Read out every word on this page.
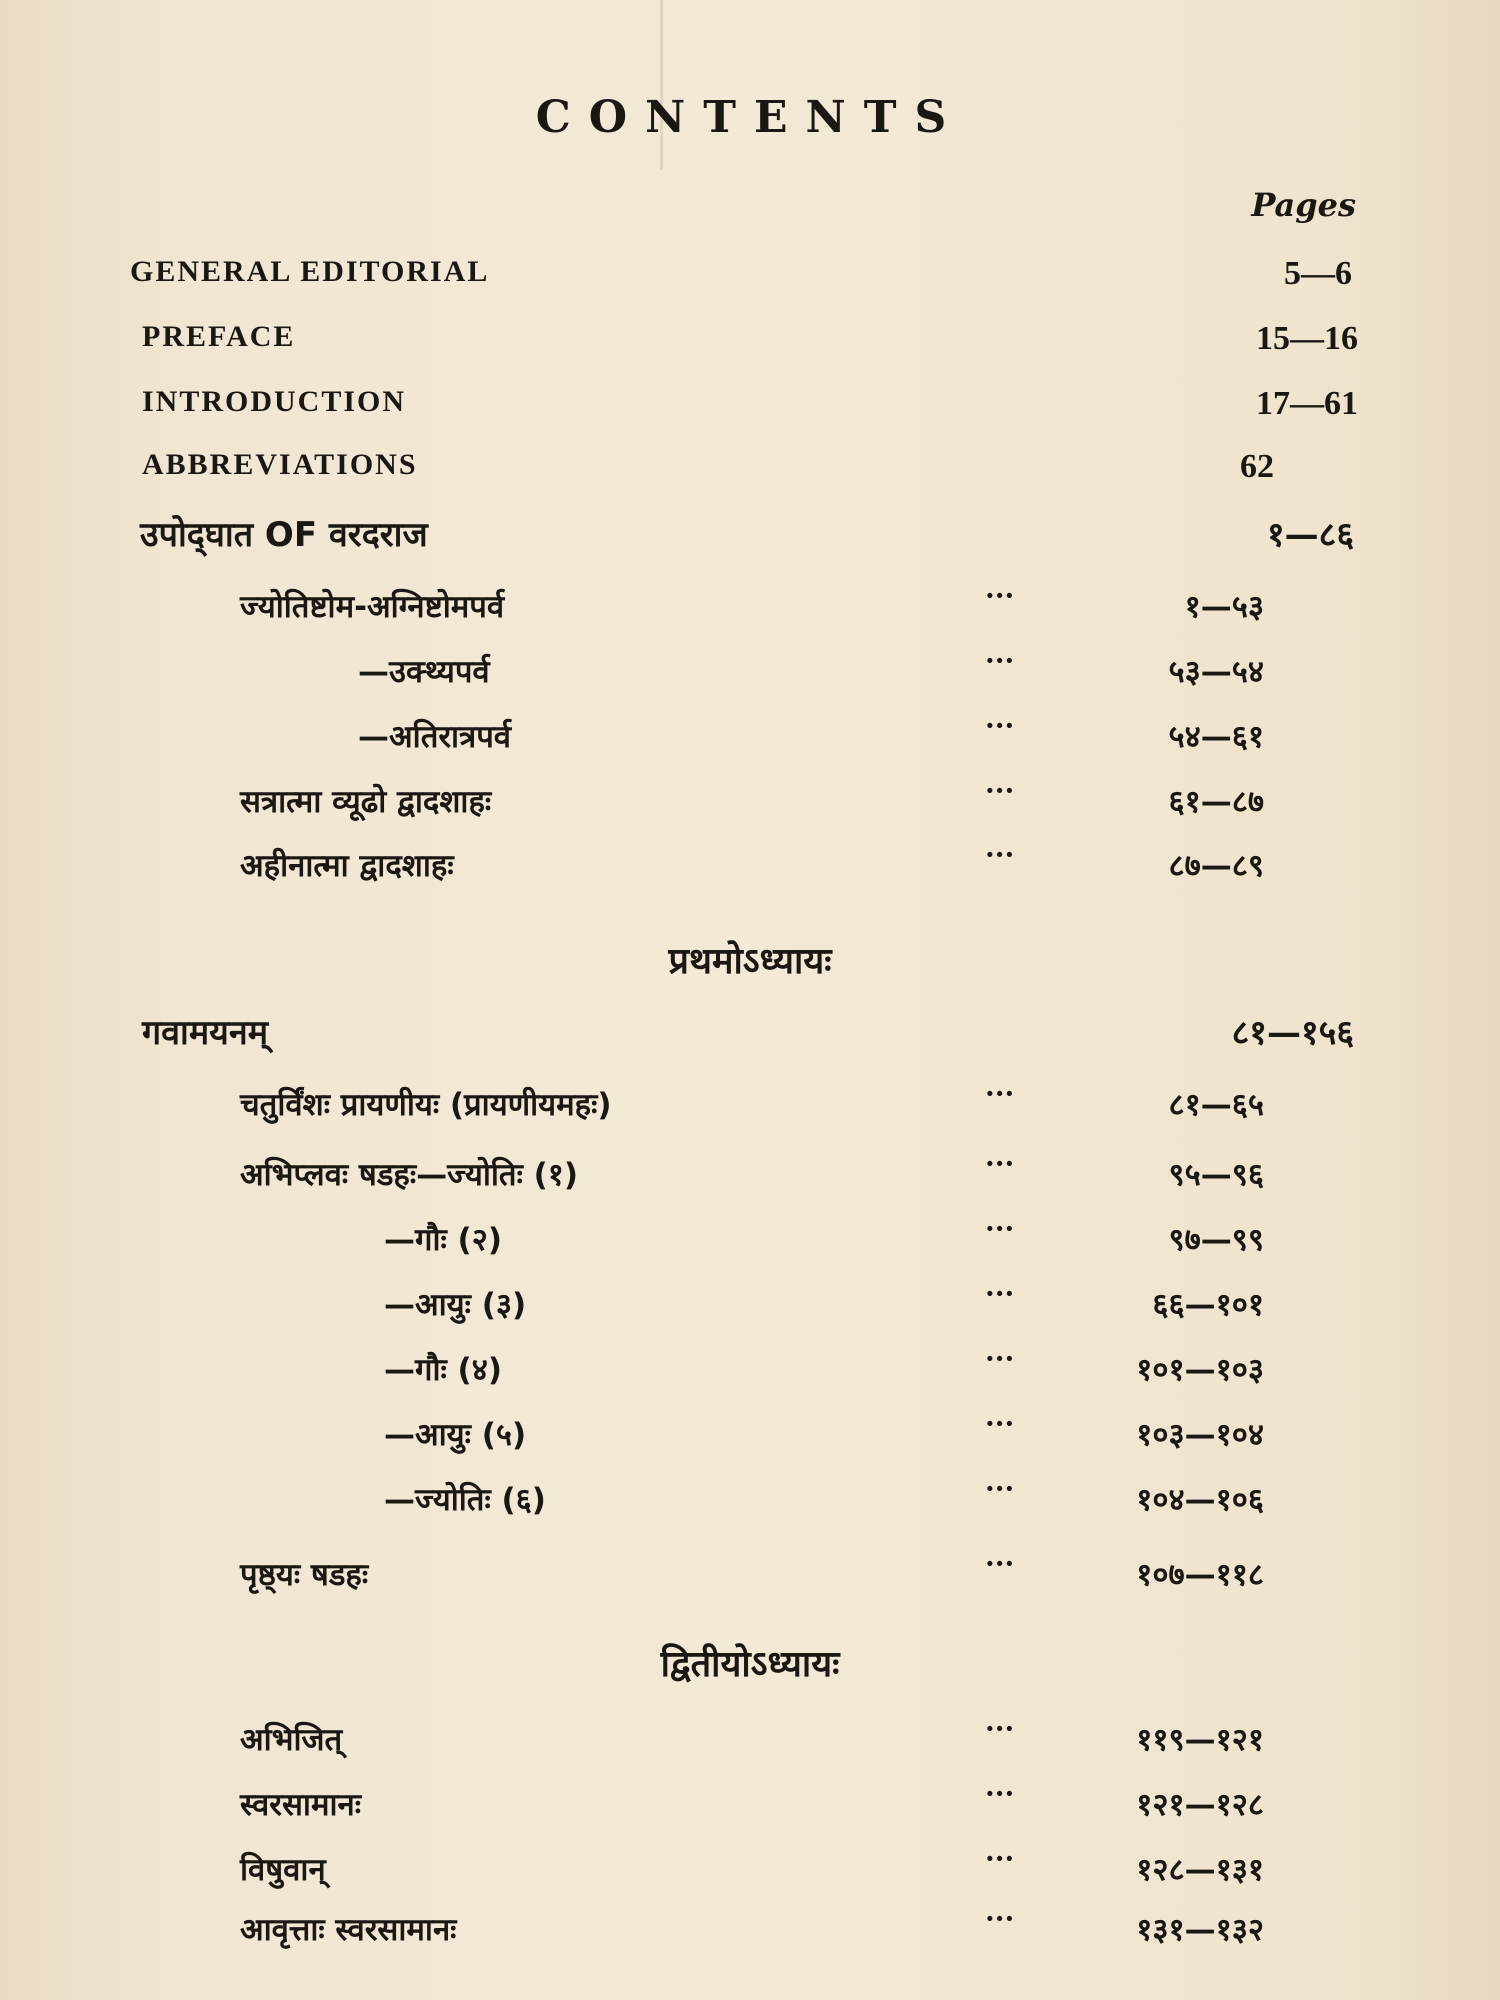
CONTENTS
Pages
GENERAL EDITORIAL	5—6
PREFACE	15—16
INTRODUCTION	17—61
ABBREVIATIONS	62
उपोद्‌घात OF वरदराज	१—८६
ज्योतिष्टोम-अग्निष्टोमपर्व	···	१—५३
—उक्थ्यपर्व	···	५३—५४
—अतिरात्रपर्व	···	५४—६१
सत्रात्मा व्यूढो द्वादशाहः	···	६१—८७
अहीनात्मा द्वादशाहः	···	८७—८९
प्रथमोऽध्यायः
गवामयनम्	८१—१५६
चतुर्विंशः प्रायणीयः (प्रायणीयमहः)	···	८१—६५
अभिप्लवः षडहः—ज्योतिः (१)	···	९५—९६
—गौः (२)	···	९७—९९
—आयुः (३)	···	६६—१०१
—गौः (४)	···	१०१—१०३
—आयुः (५)	···	१०३—१०४
—ज्योतिः (६)	···	१०४—१०६
पृष्ठ्यः षडहः	···	१०७—११८
द्वितीयोऽध्यायः
अभिजित्	···	११९—१२१
स्वरसामानः	···	१२१—१२८
विषुवान्	···	१२८—१३१
आवृत्ताः स्वरसामानः	···	१३१—१३२
